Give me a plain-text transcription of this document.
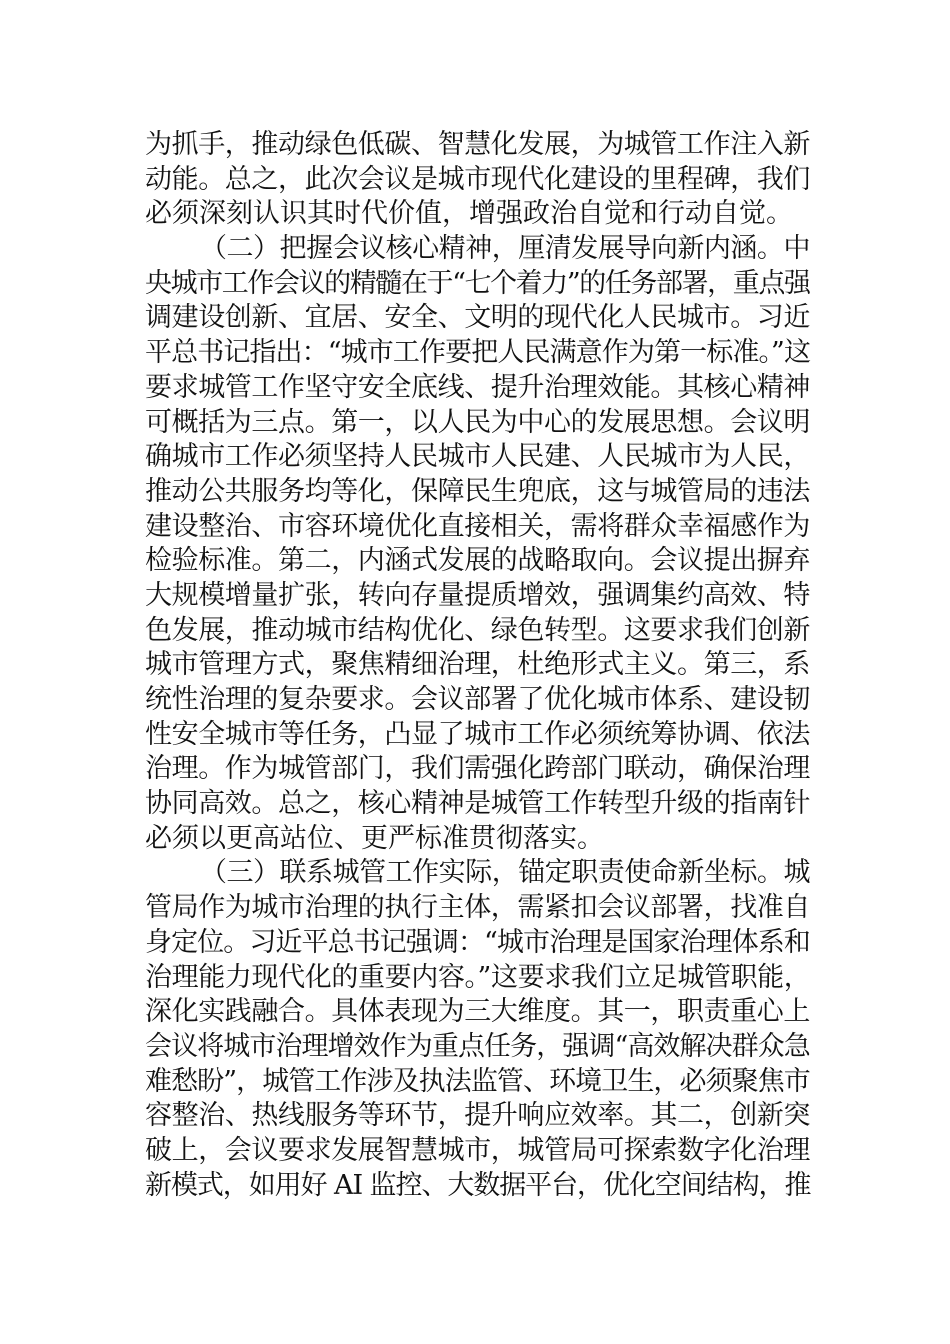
为抓手，推动绿色低碳、智慧化发展，为城管工作注入新
动能。总之，此次会议是城市现代化建设的里程碑，我们
必须深刻认识其时代价值，增强政治自觉和行动自觉。
（二）把握会议核心精神，厘清发展导向新内涵。中
央城市工作会议的精髓在于“七个着力”的任务部署，重点强
调建设创新、宜居、安全、文明的现代化人民城市。习近
平总书记指出：“城市工作要把人民满意作为第一标准。”这
要求城管工作坚守安全底线、提升治理效能。其核心精神
可概括为三点。第一，以人民为中心的发展思想。会议明
确城市工作必须坚持人民城市人民建、人民城市为人民，
推动公共服务均等化，保障民生兜底，这与城管局的违法
建设整治、市容环境优化直接相关，需将群众幸福感作为
检验标准。第二，内涵式发展的战略取向。会议提出摒弃
大规模增量扩张，转向存量提质增效，强调集约高效、特
色发展，推动城市结构优化、绿色转型。这要求我们创新
城市管理方式，聚焦精细治理，杜绝形式主义。第三，系
统性治理的复杂要求。会议部署了优化城市体系、建设韧
性安全城市等任务，凸显了城市工作必须统筹协调、依法
治理。作为城管部门，我们需强化跨部门联动，确保治理
协同高效。总之，核心精神是城管工作转型升级的指南针
必须以更高站位、更严标准贯彻落实。
（三）联系城管工作实际，锚定职责使命新坐标。城
管局作为城市治理的执行主体，需紧扣会议部署，找准自
身定位。习近平总书记强调：“城市治理是国家治理体系和
治理能力现代化的重要内容。”这要求我们立足城管职能，
深化实践融合。具体表现为三大维度。其一，职责重心上
会议将城市治理增效作为重点任务，强调“高效解决群众急
难愁盼”，城管工作涉及执法监管、环境卫生，必须聚焦市
容整治、热线服务等环节，提升响应效率。其二，创新突
破上，会议要求发展智慧城市，城管局可探索数字化治理
新模式，如用好 AI 监控、大数据平台，优化空间结构，推
